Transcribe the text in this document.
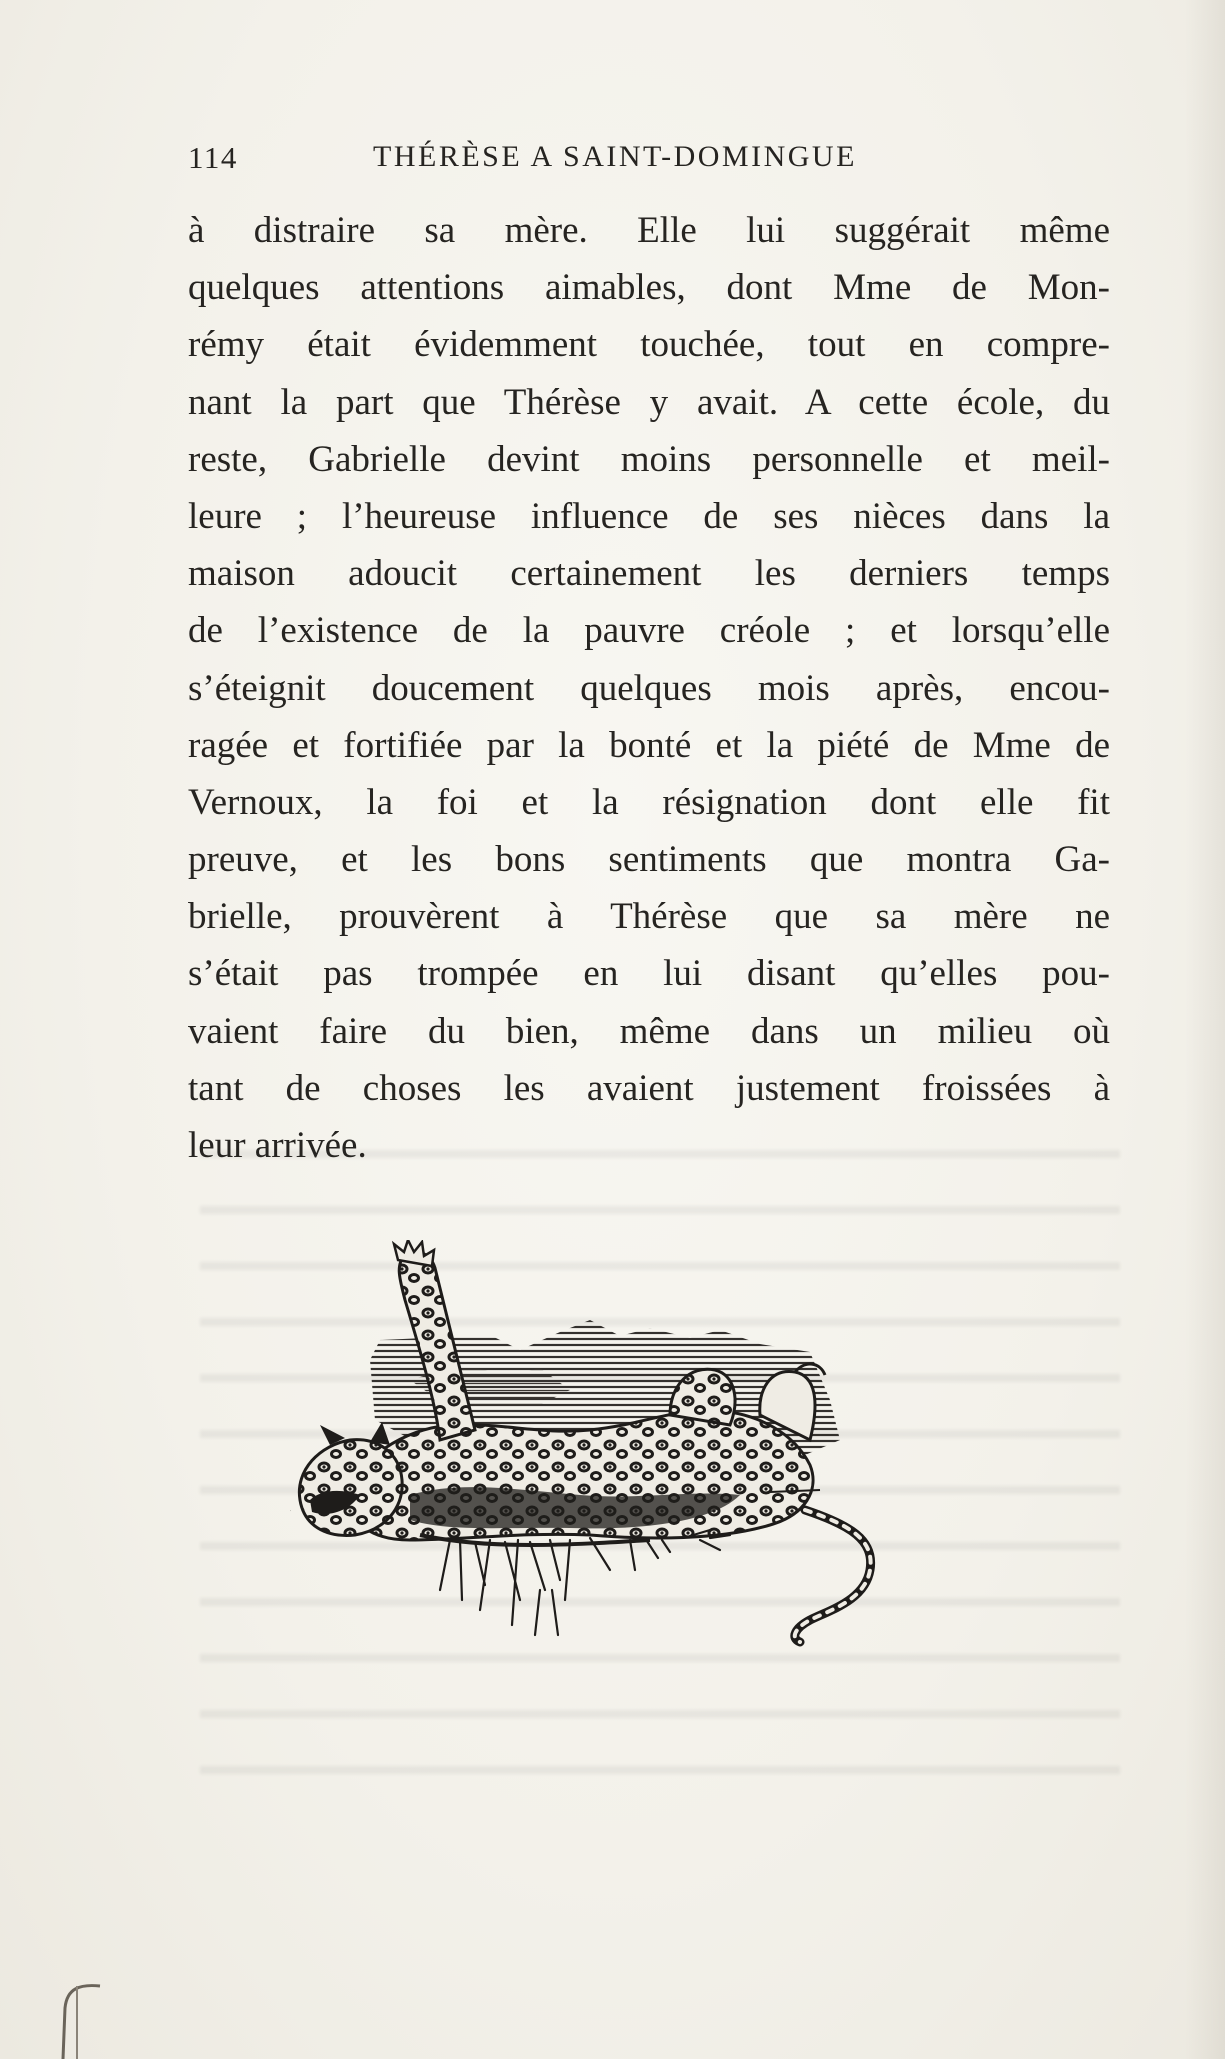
114	THÉRÈSE A SAINT-DOMINGUE
à distraire sa mère. Elle lui suggérait même
quelques attentions aimables, dont Mme de Mon-
rémy était évidemment touchée, tout en compre-
nant la part que Thérèse y avait. A cette école, du
reste, Gabrielle devint moins personnelle et meil-
leure ; l’heureuse influence de ses nièces dans la
maison adoucit certainement les derniers temps
de l’existence de la pauvre créole ; et lorsqu’elle
s’éteignit doucement quelques mois après, encou-
ragée et fortifiée par la bonté et la piété de Mme de
Vernoux, la foi et la résignation dont elle fit
preuve, et les bons sentiments que montra Ga-
brielle, prouvèrent à Thérèse que sa mère ne
s’était pas trompée en lui disant qu’elles pou-
vaient faire du bien, même dans un milieu où
tant de choses les avaient justement froissées à
leur arrivée.
